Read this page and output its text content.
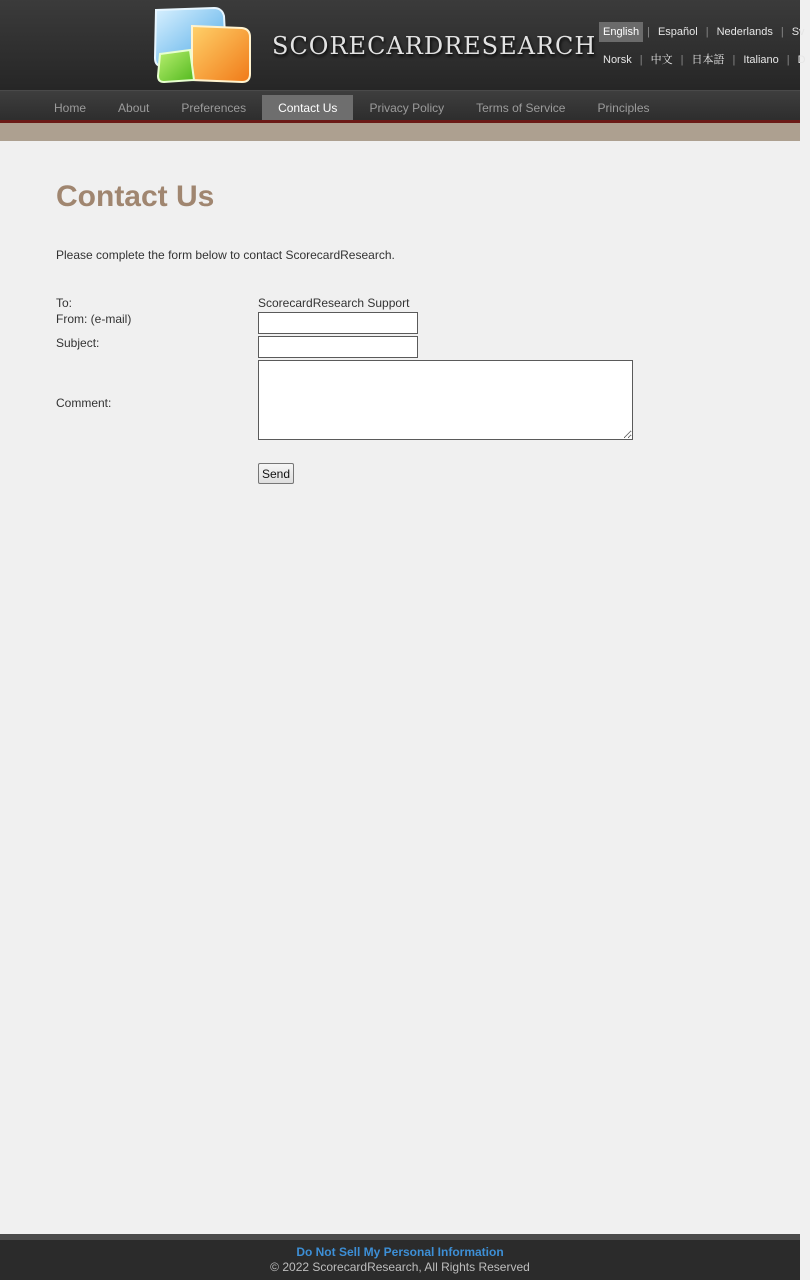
SCORECARDRESEARCH English | Español | Nederlands | Sv
Norsk | 中文 | 日本語 | Italiano | D
Home	About	Preferences	Contact Us	Privacy Policy	Terms of Service	Principles
Contact Us
Please complete the form below to contact ScorecardResearch.
To:	ScorecardResearch Support
From: (e-mail)
Subject:
Comment:
Send
Do Not Sell My Personal Information
© 2022 ScorecardResearch, All Rights Reserved
